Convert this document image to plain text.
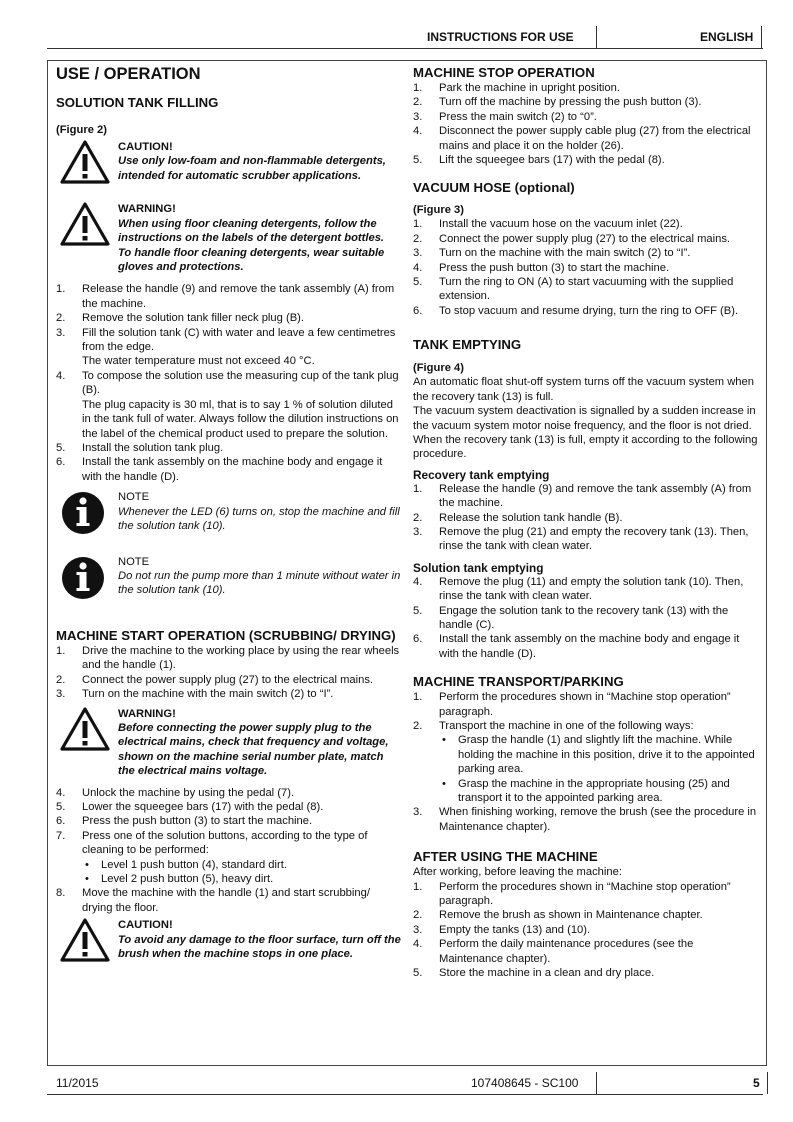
INSTRUCTIONS FOR USE	ENGLISH
USE / OPERATION
SOLUTION TANK FILLING
(Figure 2)
CAUTION!
Use only low-foam and non-flammable detergents, intended for automatic scrubber applications.
WARNING!
When using floor cleaning detergents, follow the instructions on the labels of the detergent bottles.
To handle floor cleaning detergents, wear suitable gloves and protections.
1.	Release the handle (9) and remove the tank assembly (A) from the machine.
2.	Remove the solution tank filler neck plug (B).
3.	Fill the solution tank (C) with water and leave a few centimetres from the edge.
The water temperature must not exceed 40 °C.
4.	To compose the solution use the measuring cup of the tank plug (B).
The plug capacity is 30 ml, that is to say 1 % of solution diluted in the tank full of water. Always follow the dilution instructions on the label of the chemical product used to prepare the solution.
5.	Install the solution tank plug.
6.	Install the tank assembly on the machine body and engage it with the handle (D).
NOTE
Whenever the LED (6) turns on, stop the machine and fill the solution tank (10).
NOTE
Do not run the pump more than 1 minute without water in the solution tank (10).
MACHINE START OPERATION (SCRUBBING/ DRYING)
1.	Drive the machine to the working place by using the rear wheels and the handle (1).
2.	Connect the power supply plug (27) to the electrical mains.
3.	Turn on the machine with the main switch (2) to “I”.
WARNING!
Before connecting the power supply plug to the electrical mains, check that frequency and voltage, shown on the machine serial number plate, match the electrical mains voltage.
4.	Unlock the machine by using the pedal (7).
5.	Lower the squeegee bars (17) with the pedal (8).
6.	Press the push button (3) to start the machine.
7.	Press one of the solution buttons, according to the type of cleaning to be performed:
•	Level 1 push button (4), standard dirt.
•	Level 2 push button (5), heavy dirt.
8.	Move the machine with the handle (1) and start scrubbing/ drying the floor.
CAUTION!
To avoid any damage to the floor surface, turn off the brush when the machine stops in one place.
MACHINE STOP OPERATION
1.	Park the machine in upright position.
2.	Turn off the machine by pressing the push button (3).
3.	Press the main switch (2) to “0”.
4.	Disconnect the power supply cable plug (27) from the electrical mains and place it on the holder (26).
5.	Lift the squeegee bars (17) with the pedal (8).
VACUUM HOSE (optional)
(Figure 3)
1.	Install the vacuum hose on the vacuum inlet (22).
2.	Connect the power supply plug (27) to the electrical mains.
3.	Turn on the machine with the main switch (2) to “I”.
4.	Press the push button (3) to start the machine.
5.	Turn the ring to ON (A) to start vacuuming with the supplied extension.
6.	To stop vacuum and resume drying, turn the ring to OFF (B).
TANK EMPTYING
(Figure 4)

An automatic float shut-off system turns off the vacuum system when the recovery tank (13) is full.

The vacuum system deactivation is signalled by a sudden increase in the vacuum system motor noise frequency, and the floor is not dried.

When the recovery tank (13) is full, empty it according to the following procedure.

Recovery tank emptying
1.	Release the handle (9) and remove the tank assembly (A) from the machine.
2.	Release the solution tank handle (B).
3.	Remove the plug (21) and empty the recovery tank (13). Then, rinse the tank with clean water.
Solution tank emptying
4.	Remove the plug (11) and empty the solution tank (10). Then, rinse the tank with clean water.
5.	Engage the solution tank to the recovery tank (13) with the handle (C).
6.	Install the tank assembly on the machine body and engage it with the handle (D).
MACHINE TRANSPORT/PARKING
1.	Perform the procedures shown in “Machine stop operation” paragraph.
2.	Transport the machine in one of the following ways:
•	Grasp the handle (1) and slightly lift the machine. While holding the machine in this position, drive it to the appointed parking area.
•	Grasp the machine in the appropriate housing (25) and transport it to the appointed parking area.
3.	When finishing working, remove the brush (see the procedure in Maintenance chapter).
AFTER USING THE MACHINE

After working, before leaving the machine:

1.	Perform the procedures shown in “Machine stop operation” paragraph.
2.	Remove the brush as shown in Maintenance chapter.
3.	Empty the tanks (13) and (10).
4.	Perform the daily maintenance procedures (see the Maintenance chapter).
5.	Store the machine in a clean and dry place.
11/2015	107408645 - SC100	5
